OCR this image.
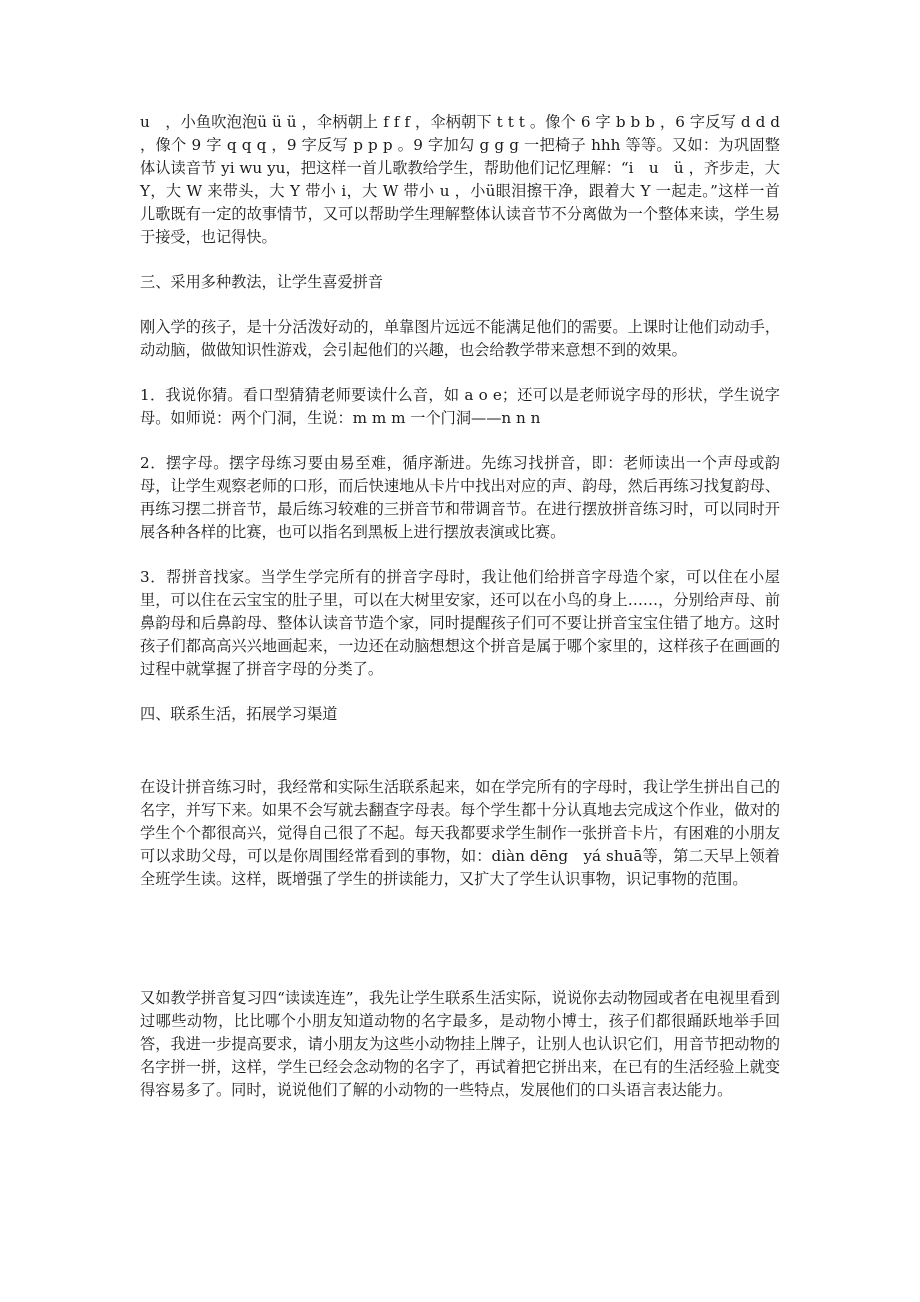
u　，小鱼吹泡泡ü ü ü ，伞柄朝上 f f f ，伞柄朝下 t t t 。像个 6 字 b b b ，6 字反写 d d d ，像个 9 字 q q q ，9 字反写 p p p 。9 字加勾 g g g 一把椅子 hhh 等等。又如：为巩固整体认读音节 yi wu yu，把这样一首儿歌教给学生，帮助他们记忆理解：“i　u　ü ，齐步走，大 Y，大 W 来带头，大 Y 带小 i，大 W 带小 u ，小ü眼泪擦干净，跟着大 Y 一起走。”这样一首儿歌既有一定的故事情节，又可以帮助学生理解整体认读音节不分离做为一个整体来读，学生易于接受，也记得快。

三、采用多种教法，让学生喜爱拼音

刚入学的孩子，是十分活泼好动的，单靠图片远远不能满足他们的需要。上课时让他们动动手，动动脑，做做知识性游戏，会引起他们的兴趣，也会给教学带来意想不到的效果。

1．我说你猜。看口型猜猜老师要读什么音，如 a o e；还可以是老师说字母的形状，学生说字母。如师说：两个门洞，生说：m m m 一个门洞——n n n

2．摆字母。摆字母练习要由易至难，循序渐进。先练习找拼音，即：老师读出一个声母或韵母，让学生观察老师的口形，而后快速地从卡片中找出对应的声、韵母，然后再练习找复韵母、再练习摆二拼音节，最后练习较难的三拼音节和带调音节。在进行摆放拼音练习时，可以同时开展各种各样的比赛，也可以指名到黑板上进行摆放表演或比赛。

3．帮拼音找家。当学生学完所有的拼音字母时，我让他们给拼音字母造个家，可以住在小屋里，可以住在云宝宝的肚子里，可以在大树里安家，还可以在小鸟的身上……，分别给声母、前鼻韵母和后鼻韵母、整体认读音节造个家，同时提醒孩子们可不要让拼音宝宝住错了地方。这时孩子们都高高兴兴地画起来，一边还在动脑想想这个拼音是属于哪个家里的，这样孩子在画画的过程中就掌握了拼音字母的分类了。

四、联系生活，拓展学习渠道

在设计拼音练习时，我经常和实际生活联系起来，如在学完所有的字母时，我让学生拼出自己的名字，并写下来。如果不会写就去翻查字母表。每个学生都十分认真地去完成这个作业，做对的学生个个都很高兴，觉得自己很了不起。每天我都要求学生制作一张拼音卡片，有困难的小朋友可以求助父母，可以是你周围经常看到的事物，如：diàn dēng　yá shuā等，第二天早上领着全班学生读。这样，既增强了学生的拼读能力，又扩大了学生认识事物，识记事物的范围。

又如教学拼音复习四“读读连连”，我先让学生联系生活实际，说说你去动物园或者在电视里看到过哪些动物，比比哪个小朋友知道动物的名字最多，是动物小博士，孩子们都很踊跃地举手回答，我进一步提高要求，请小朋友为这些小动物挂上牌子，让别人也认识它们，用音节把动物的名字拼一拼，这样，学生已经会念动物的名字了，再试着把它拼出来，在已有的生活经验上就变得容易多了。同时，说说他们了解的小动物的一些特点，发展他们的口头语言表达能力。
